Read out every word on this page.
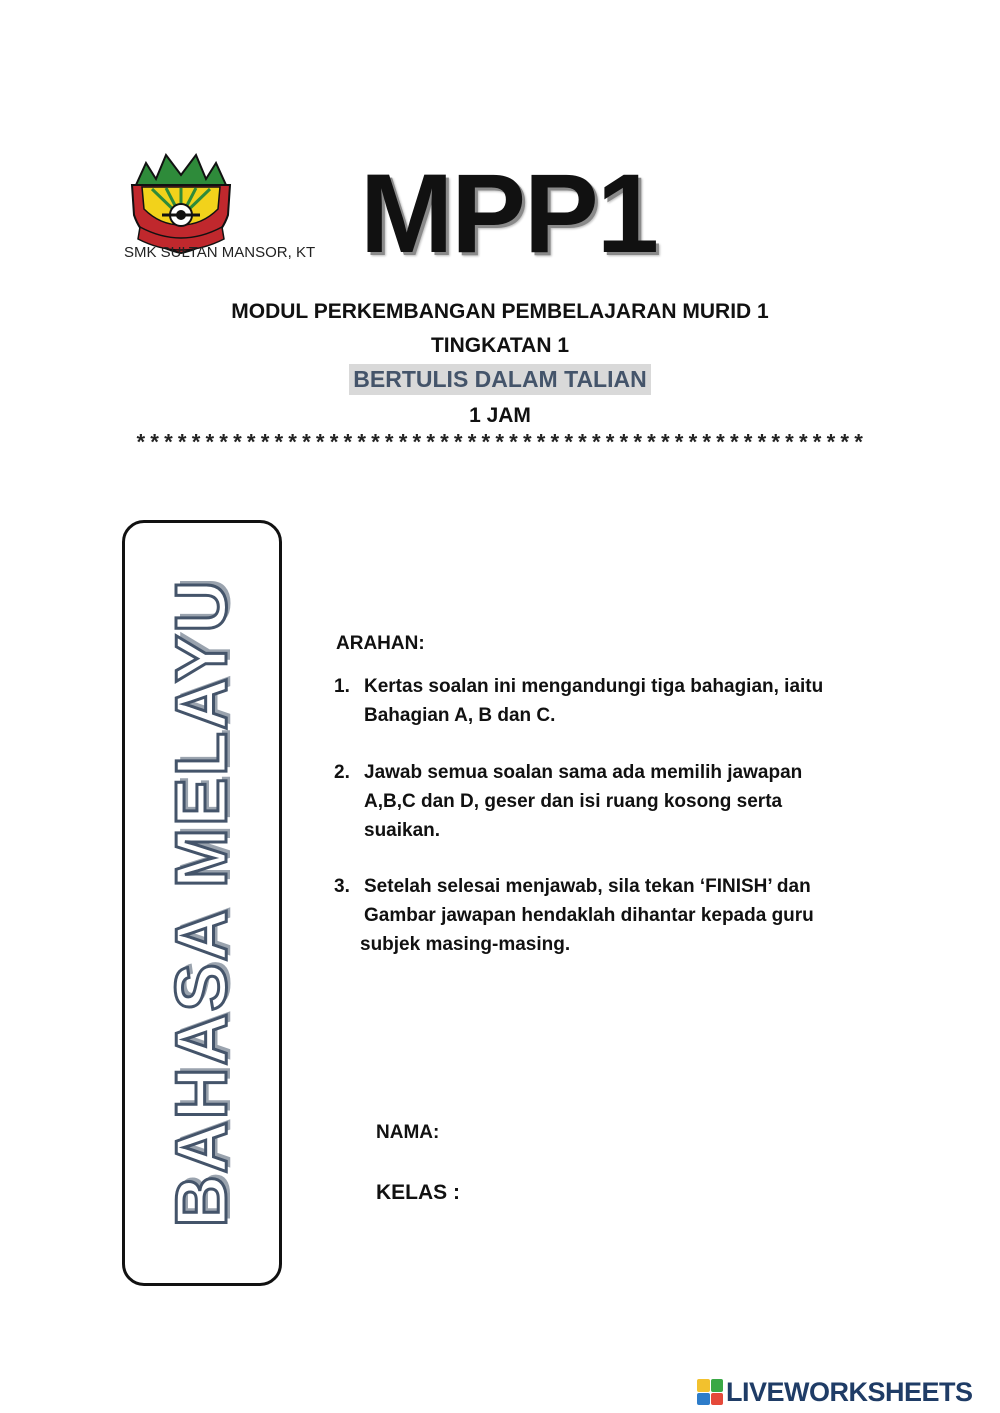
SMK SULTAN MANSOR, KT MPP1
MODUL PERKEMBANGAN PEMBELAJARAN MURID 1
TINGKATAN 1
BERTULIS DALAM TALIAN
1 JAM
*****************************************************
BAHASA MELAYU	ARAHAN:
1. Kertas soalan ini mengandungi tiga bahagian, iaitu
Bahagian A, B dan C.
2. Jawab semua soalan sama ada memilih jawapan
A,B,C dan D, geser dan isi ruang kosong serta
suaikan.
3. Setelah selesai menjawab, sila tekan ‘FINISH’ dan
Gambar jawapan hendaklah dihantar kepada guru
subjek masing-masing.
NAMA:
KELAS :
LIVEWORKSHEETS
